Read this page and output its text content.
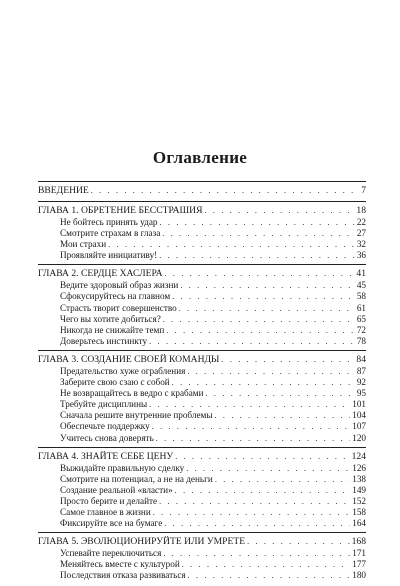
Оглавление
ВВЕДЕНИЕ . . .	7
ГЛАВА 1. ОБРЕТЕНИЕ БЕССТРАШИЯ . . .	18
Не бойтесь принять удар . . .	22
Смотрите страхам в глаза . . .	27
Мои страхи . . .	32
Проявляйте инициативу! . . .	36
ГЛАВА 2. СЕРДЦЕ ХАСЛЕРА . . .	41
Ведите здоровый образ жизни . . .	45
Сфокусируйтесь на главном . . .	58
Страсть творит совершенство . . .	61
Чего вы хотите добиться? . . .	65
Никогда не снижайте темп . . .	72
Доверьтесь инстинкту . . .	78
ГЛАВА 3. СОЗДАНИЕ СВОЕЙ КОМАНДЫ . . .	84
Предательство хуже ограбления . . .	87
Заберите свою сзаю с собой . . .	92
Не возвращайтесь в ведро с крабами . . .	95
Требуйте дисциплины . . .	101
Сначала решите внутренние проблемы . . .	104
Обеспечьте поддержку . . .	107
Учитесь снова доверять . . .	120
ГЛАВА 4. ЗНАЙТЕ СЕБЕ ЦЕНУ . . .	124
Выжидайте правильную сделку . . .	126
Смотрите на потенциал, а не на деньги . . .	138
Создание реальной «власти» . . .	149
Просто берите и делайте . . .	152
Самое главное в жизни . . .	158
Фиксируйте все на бумаге . . .	164
ГЛАВА 5. ЭВОЛЮЦИОНИРУЙТЕ ИЛИ УМРЕТЕ . . .	168
Успевайте переключиться . . .	171
Меняйтесь вместе с культурой . . .	177
Последствия отказа развиваться . . .	180
